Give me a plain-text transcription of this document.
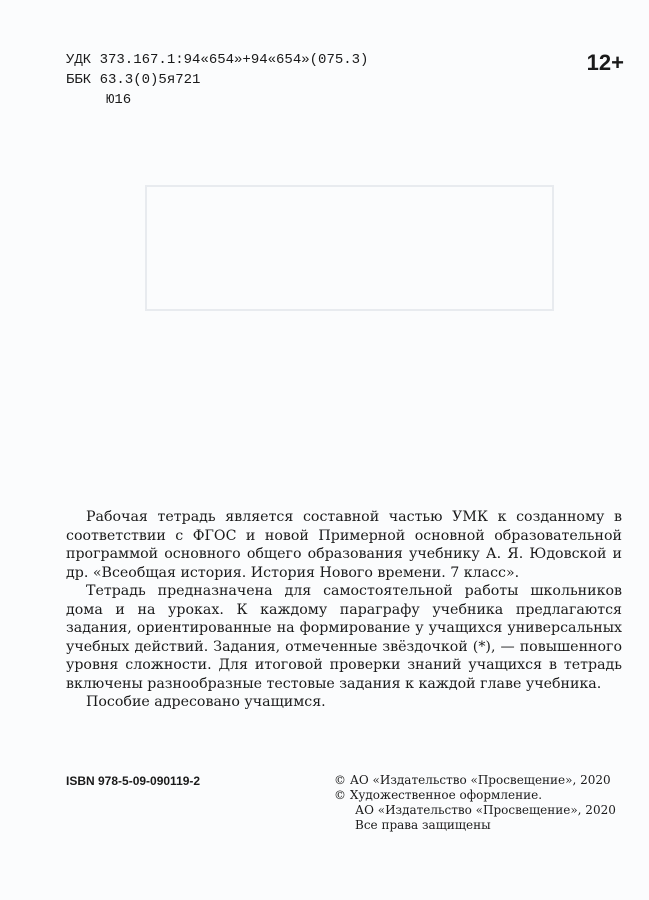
УДК 373.167.1:94«654»+94«654»(075.3)
ББК 63.3(0)5я721
Ю16
12+

Рабочая тетрадь является составной частью УМК к созданному в соответствии с ФГОС и новой Примерной основной образовательной программой основного общего образования учебнику А. Я. Юдовской и др. «Всеобщая история. История Нового времени. 7 класс».

Тетрадь предназначена для самостоятельной работы школьников дома и на уроках. К каждому параграфу учебника предлагаются задания, ориентированные на формирование у учащихся универсальных учебных действий. Задания, отмеченные звёздочкой (*), — повышенного уровня сложности. Для итоговой проверки знаний учащихся в тетрадь включены разнообразные тестовые задания к каждой главе учебника.

Пособие адресовано учащимся.

ISBN 978-5-09-090119-2	© АО «Издательство «Просвещение», 2020
© Художественное оформление.
АО «Издательство «Просвещение», 2020
Все права защищены
